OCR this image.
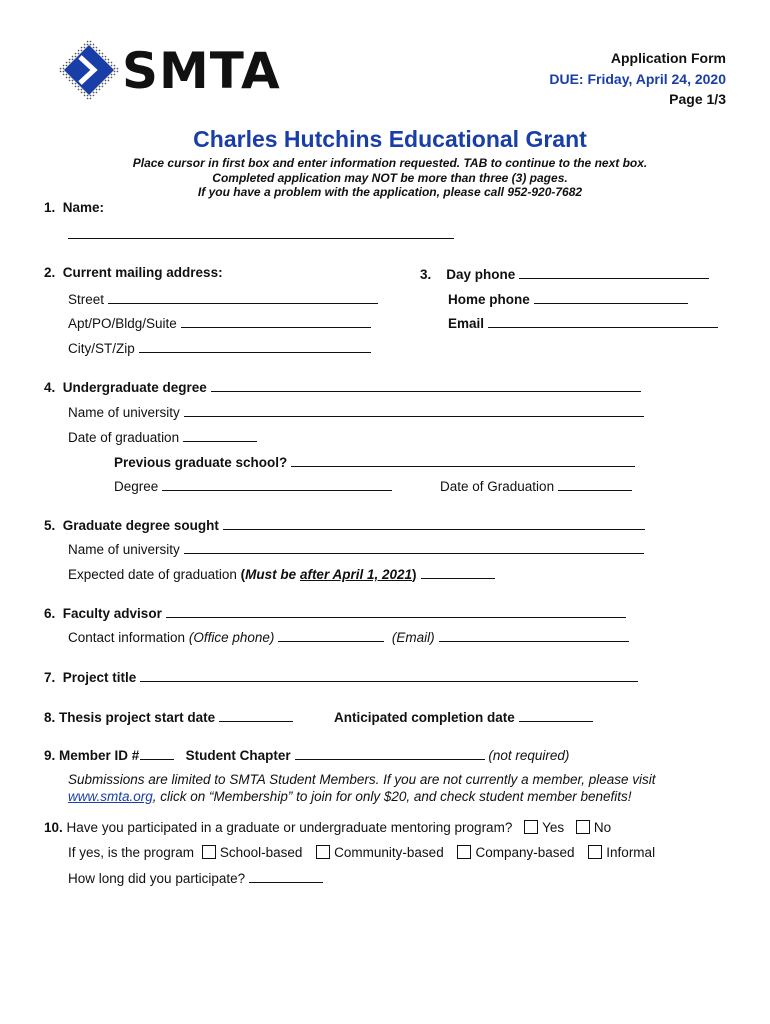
SMTA	Application Form
DUE: Friday, April 24, 2020
Page 1/3
Charles Hutchins Educational Grant
Place cursor in first box and enter information requested. TAB to continue to the next box.
Completed application may NOT be more than three (3) pages.
If you have a problem with the application, please call 952-920-7682
1. Name:
2. Current mailing address:
Street
Apt/PO/Bldg/Suite
City/ST/Zip
3. Day phone
Home phone
Email
4. Undergraduate degree
Name of university
Date of graduation
Previous graduate school?
Degree	Date of Graduation
5. Graduate degree sought
Name of university
Expected date of graduation (Must be after April 1, 2021)
6. Faculty advisor
Contact information (Office phone)	(Email)
7. Project title
8. Thesis project start date	Anticipated completion date
9. Member ID #	Student Chapter	(not required)
Submissions are limited to SMTA Student Members. If you are not currently a member, please visit
www.smta.org, click on “Membership” to join for only $20, and check student member benefits!
10. Have you participated in a graduate or undergraduate mentoring program? Yes No
If yes, is the program School-based Community-based Company-based Informal
How long did you participate?
